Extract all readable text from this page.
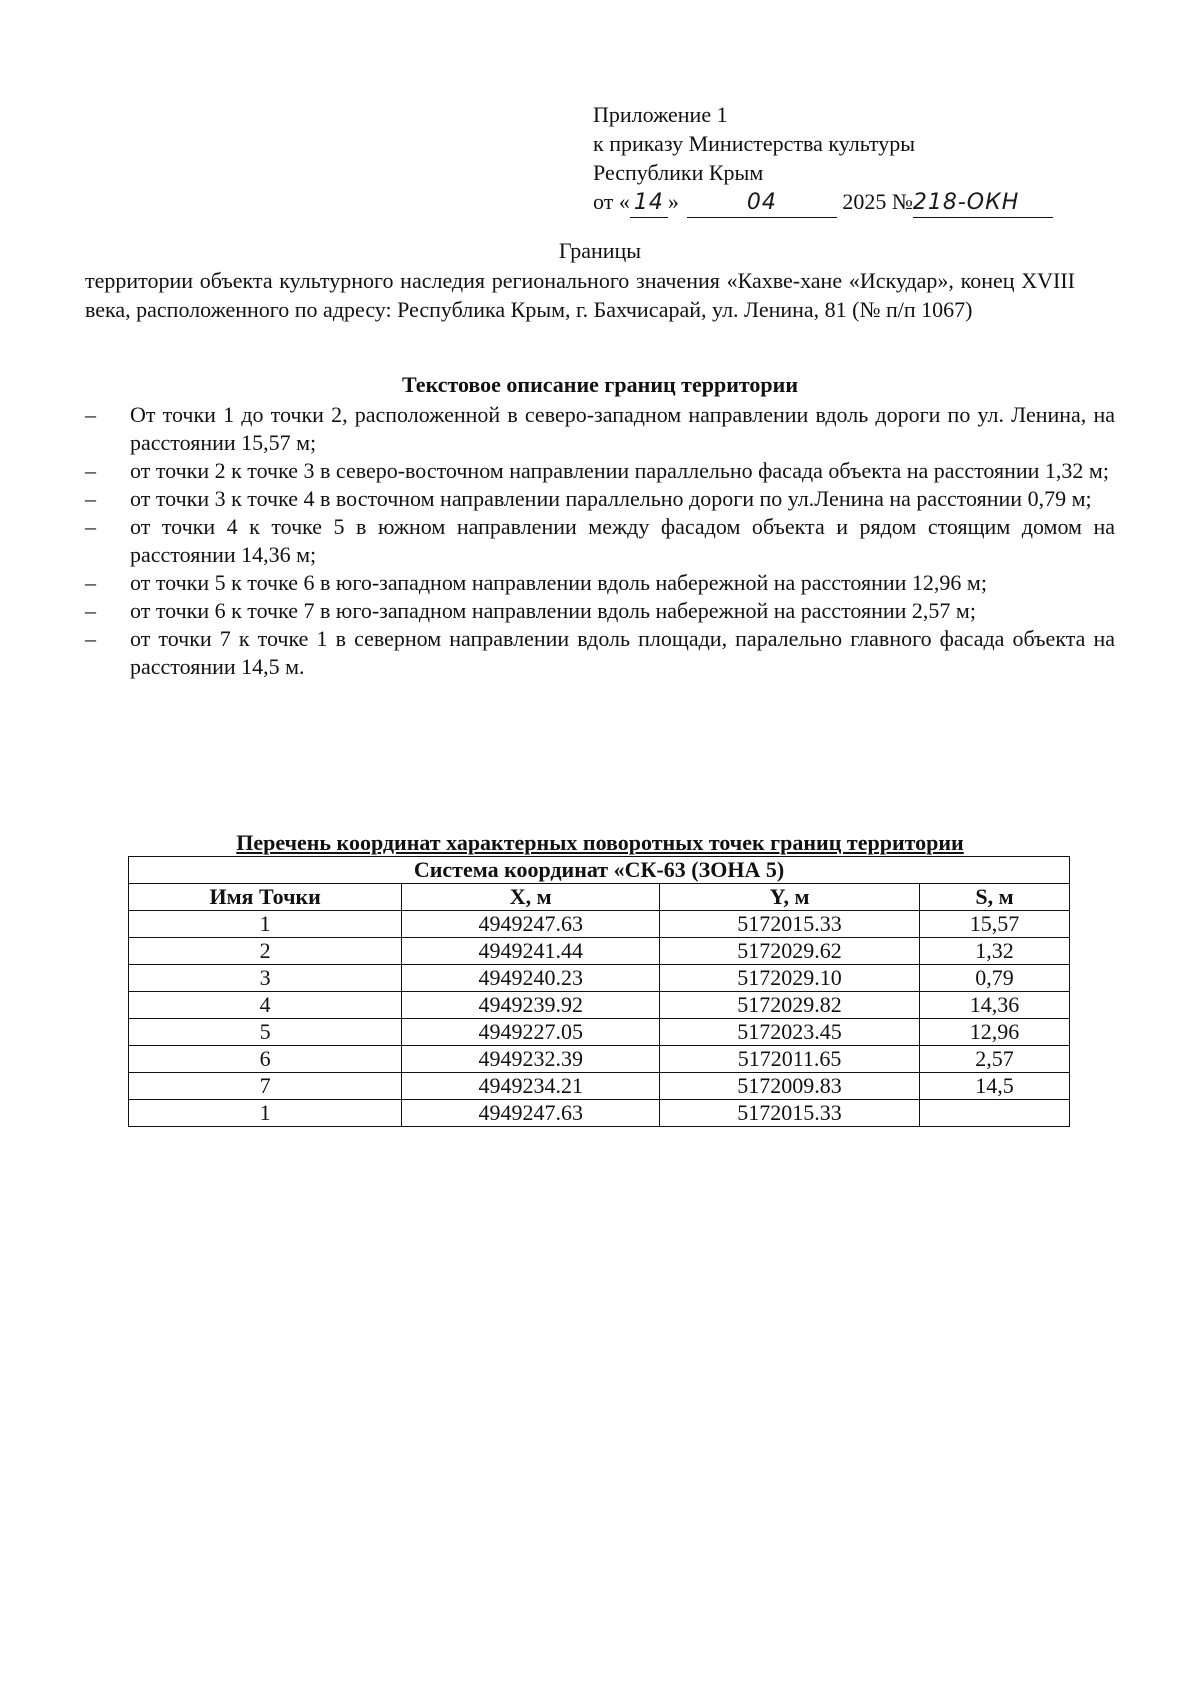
Приложение 1
к приказу Министерства культуры
Республики Крым
от « 14 »	04	2025 №218-ОКН
Границы
территории объекта культурного наследия регионального значения «Кахве-хане «Искудар», конец XVIII века, расположенного по адресу: Республика Крым, г. Бахчисарай, ул. Ленина, 81 (№ п/п 1067)
Текстовое описание границ территории
– От точки 1 до точки 2, расположенной в северо-западном направлении вдоль дороги по ул. Ленина, на расстоянии 15,57 м;
– от точки 2 к точке 3 в северо-восточном направлении параллельно фасада объекта на расстоянии 1,32 м;
– от точки 3 к точке 4 в восточном направлении параллельно дороги по ул.Ленина на расстоянии 0,79 м;
– от точки 4 к точке 5 в южном направлении между фасадом объекта и рядом стоящим домом на расстоянии 14,36 м;
– от точки 5 к точке 6 в юго-западном направлении вдоль набережной на расстоянии 12,96 м;
– от точки 6 к точке 7 в юго-западном направлении вдоль набережной на расстоянии 2,57 м;
– от точки 7 к точке 1 в северном направлении вдоль площади, паралельно главного фасада объекта на расстоянии 14,5 м.
Перечень координат характерных поворотных точек границ территории
Система координат «СК-63 (ЗОНА 5)			
Имя Точки	X, м	Y, м	S, м
1	4949247.63	5172015.33	15,57
2	4949241.44	5172029.62	1,32
3	4949240.23	5172029.10	0,79
4	4949239.92	5172029.82	14,36
5	4949227.05	5172023.45	12,96
6	4949232.39	5172011.65	2,57
7	4949234.21	5172009.83	14,5
1	4949247.63	5172015.33	
